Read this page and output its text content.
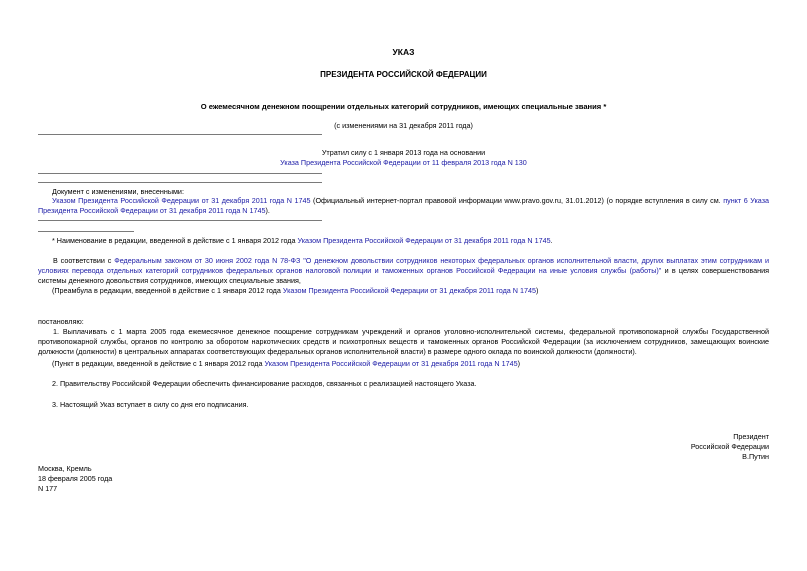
УКАЗ
ПРЕЗИДЕНТА РОССИЙСКОЙ ФЕДЕРАЦИИ
О ежемесячном денежном поощрении отдельных категорий сотрудников, имеющих специальные звания *
(с изменениями на 31 декабря 2011 года)
Утратил силу с 1 января 2013 года на основании
Указа Президента Российской Федерации от 11 февраля 2013 года N 130
Документ с изменениями, внесенными:
Указом Президента Российской Федерации от 31 декабря 2011 года N 1745 (Официальный интернет-портал правовой информации www.pravo.gov.ru, 31.01.2012) (о порядке вступления в силу см. пункт 6 Указа Президента Российской Федерации от 31 декабря 2011 года N 1745).
* Наименование в редакции, введенной в действие с 1 января 2012 года Указом Президента Российской Федерации от 31 декабря 2011 года N 1745.
В соответствии с Федеральным законом от 30 июня 2002 года N 78-ФЗ "О денежном довольствии сотрудников некоторых федеральных органов исполнительной власти, других выплатах этим сотрудникам и условиях перевода отдельных категорий сотрудников федеральных органов налоговой полиции и таможенных органов Российской Федерации на иные условия службы (работы)" и в целях совершенствования системы денежного довольствия сотрудников, имеющих специальные звания,
(Преамбула в редакции, введенной в действие с 1 января 2012 года Указом Президента Российской Федерации от 31 декабря 2011 года N 1745)
постановляю:
1. Выплачивать с 1 марта 2005 года ежемесячное денежное поощрение сотрудникам учреждений и органов уголовно-исполнительной системы, федеральной противопожарной службы Государственной противопожарной службы, органов по контролю за оборотом наркотических средств и психотропных веществ и таможенных органов Российской Федерации (за исключением сотрудников, замещающих воинские должности (должности) в центральных аппаратах соответствующих федеральных органов исполнительной власти) в размере одного оклада по воинской должности (должности).
(Пункт в редакции, введенной в действие с 1 января 2012 года Указом Президента Российской Федерации от 31 декабря 2011 года N 1745)
2. Правительству Российской Федерации обеспечить финансирование расходов, связанных с реализацией настоящего Указа.
3. Настоящий Указ вступает в силу со дня его подписания.
Президент
Российской Федерации
В.Путин
Москва, Кремль
18 февраля 2005 года
N 177
